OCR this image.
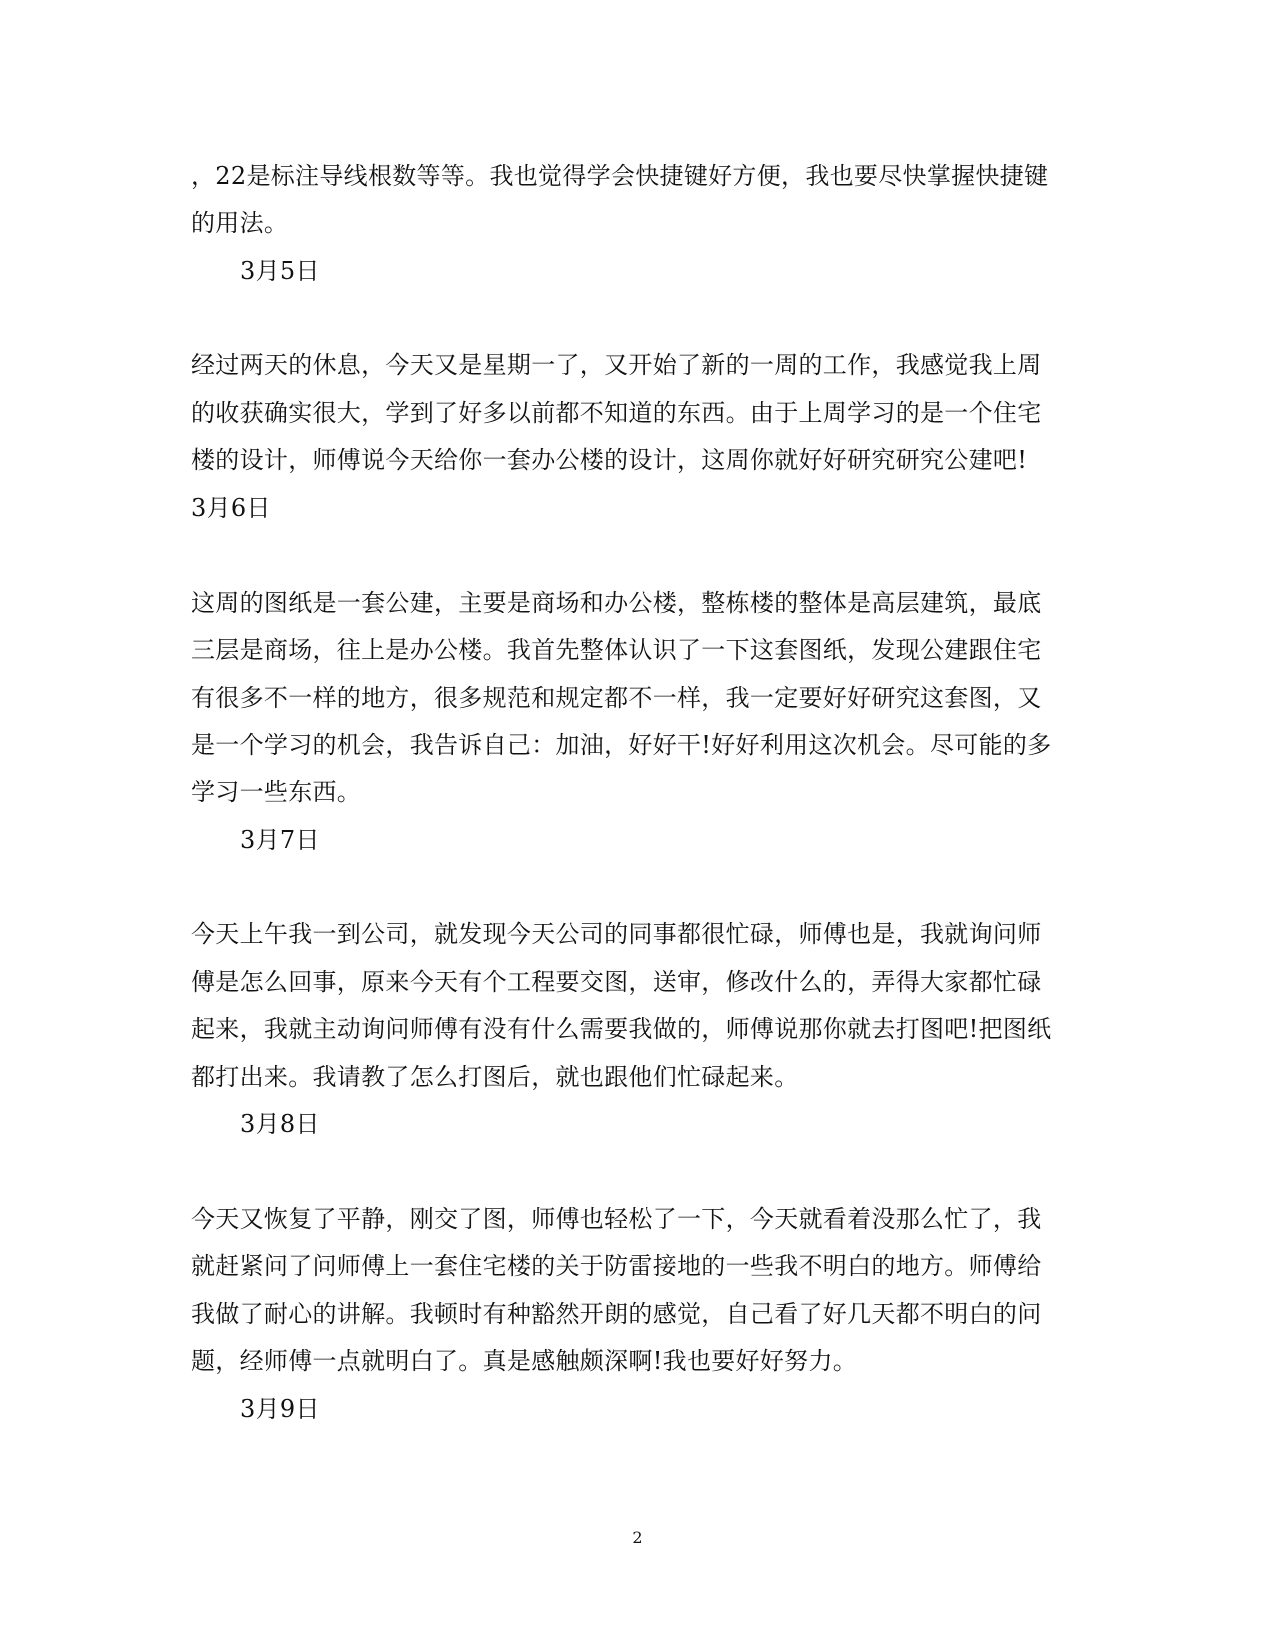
，22是标注导线根数等等。我也觉得学会快捷键好方便，我也要尽快掌握快捷键
的用法。
3月5日
经过两天的休息，今天又是星期一了，又开始了新的一周的工作，我感觉我上周
的收获确实很大，学到了好多以前都不知道的东西。由于上周学习的是一个住宅
楼的设计，师傅说今天给你一套办公楼的设计，这周你就好好研究研究公建吧!
3月6日
这周的图纸是一套公建，主要是商场和办公楼，整栋楼的整体是高层建筑，最底
三层是商场，往上是办公楼。我首先整体认识了一下这套图纸，发现公建跟住宅
有很多不一样的地方，很多规范和规定都不一样，我一定要好好研究这套图，又
是一个学习的机会，我告诉自己：加油，好好干!好好利用这次机会。尽可能的多
学习一些东西。
3月7日
今天上午我一到公司，就发现今天公司的同事都很忙碌，师傅也是，我就询问师
傅是怎么回事，原来今天有个工程要交图，送审，修改什么的，弄得大家都忙碌
起来，我就主动询问师傅有没有什么需要我做的，师傅说那你就去打图吧!把图纸
都打出来。我请教了怎么打图后，就也跟他们忙碌起来。
3月8日
今天又恢复了平静，刚交了图，师傅也轻松了一下，今天就看着没那么忙了，我
就赶紧问了问师傅上一套住宅楼的关于防雷接地的一些我不明白的地方。师傅给
我做了耐心的讲解。我顿时有种豁然开朗的感觉，自己看了好几天都不明白的问
题，经师傅一点就明白了。真是感触颇深啊!我也要好好努力。
3月9日
2
